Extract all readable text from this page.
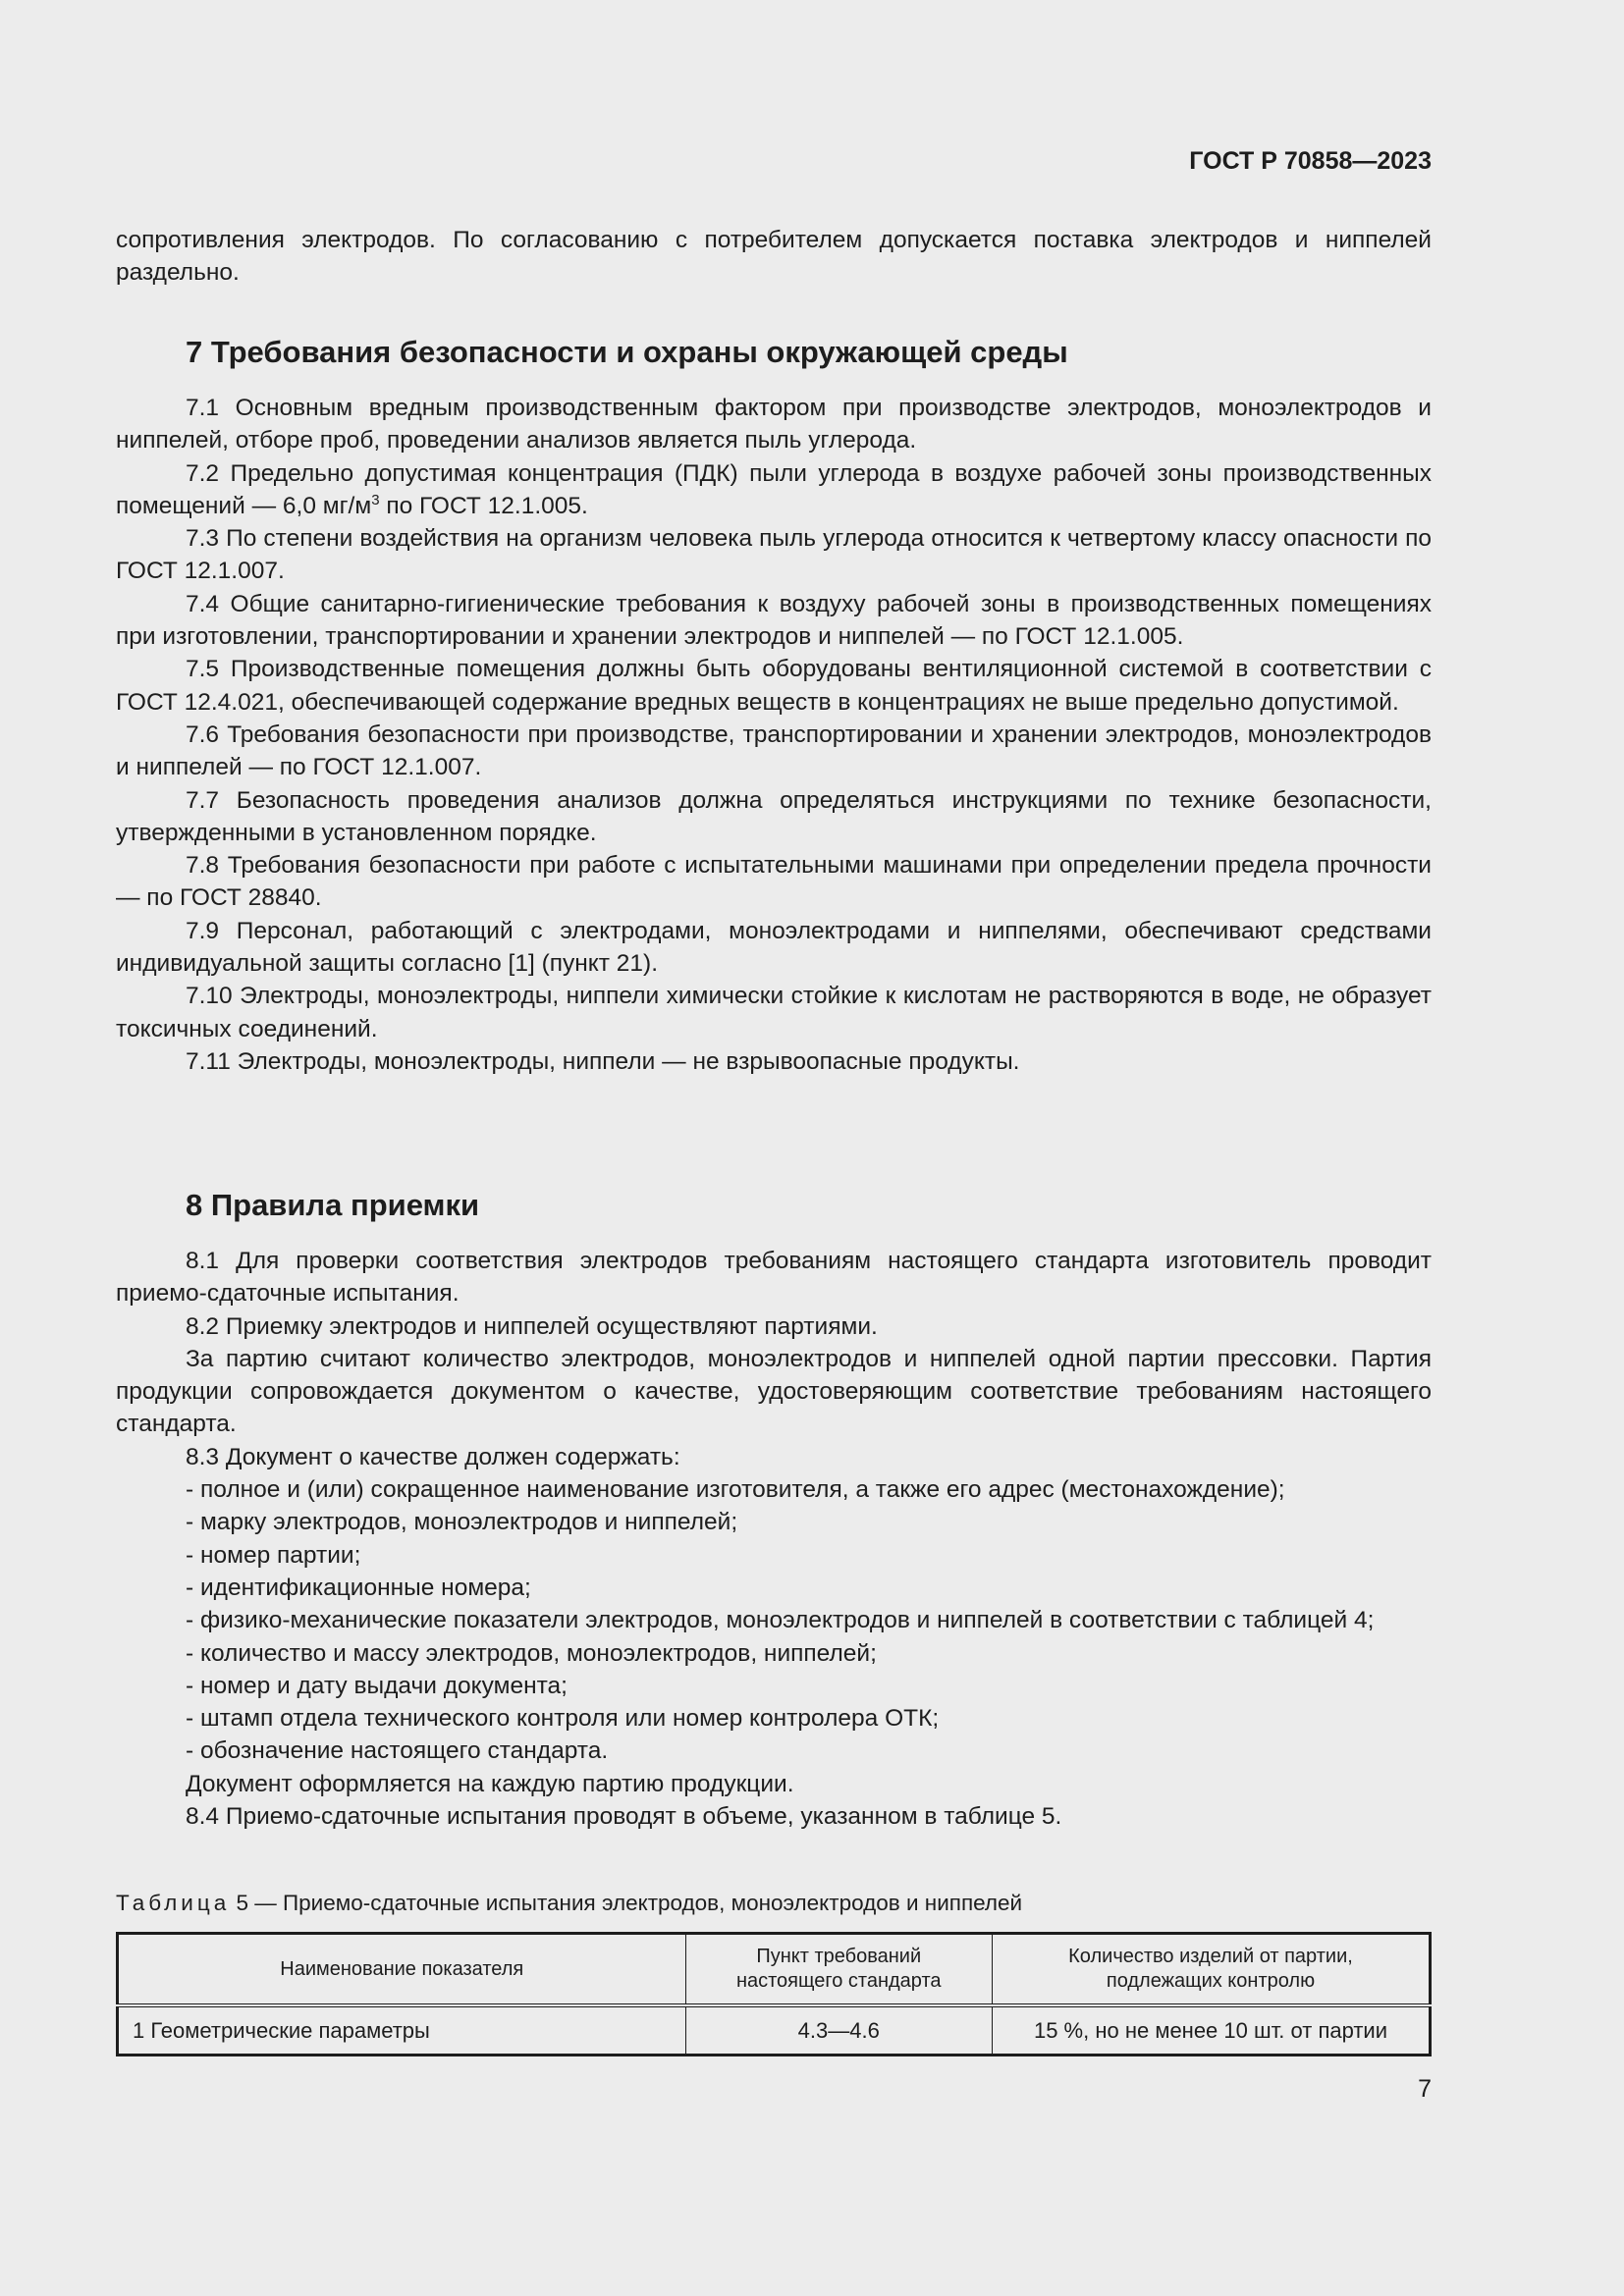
ГОСТ Р 70858—2023

сопротивления электродов. По согласованию с потребителем допускается поставка электродов и ниппелей раздельно.

7 Требования безопасности и охраны окружающей среды

7.1 Основным вредным производственным фактором при производстве электродов, моноэлектродов и ниппелей, отборе проб, проведении анализов является пыль углерода.

7.2 Предельно допустимая концентрация (ПДК) пыли углерода в воздухе рабочей зоны производственных помещений — 6,0 $мг/м^3$ по ГОСТ 12.1.005.

7.3 По степени воздействия на организм человека пыль углерода относится к четвертому классу опасности по ГОСТ 12.1.007.

7.4 Общие санитарно-гигиенические требования к воздуху рабочей зоны в производственных помещениях при изготовлении, транспортировании и хранении электродов и ниппелей — по ГОСТ 12.1.005.

7.5 Производственные помещения должны быть оборудованы вентиляционной системой в соответствии с ГОСТ 12.4.021, обеспечивающей содержание вредных веществ в концентрациях не выше предельно допустимой.

7.6 Требования безопасности при производстве, транспортировании и хранении электродов, моноэлектродов и ниппелей — по ГОСТ 12.1.007.

7.7 Безопасность проведения анализов должна определяться инструкциями по технике безопасности, утвержденными в установленном порядке.

7.8 Требования безопасности при работе с испытательными машинами при определении предела прочности — по ГОСТ 28840.

7.9 Персонал, работающий с электродами, моноэлектродами и ниппелями, обеспечивают средствами индивидуальной защиты согласно [1] (пункт 21).

7.10 Электроды, моноэлектроды, ниппели химически стойкие к кислотам не растворяются в воде, не образует токсичных соединений.

7.11 Электроды, моноэлектроды, ниппели — не взрывоопасные продукты.

8 Правила приемки

8.1 Для проверки соответствия электродов требованиям настоящего стандарта изготовитель проводит приемо-сдаточные испытания.

8.2 Приемку электродов и ниппелей осуществляют партиями.

За партию считают количество электродов, моноэлектродов и ниппелей одной партии прессовки. Партия продукции сопровождается документом о качестве, удостоверяющим соответствие требованиям настоящего стандарта.

8.3 Документ о качестве должен содержать:

- полное и (или) сокращенное наименование изготовителя, а также его адрес (местонахождение);

- марку электродов, моноэлектродов и ниппелей;

- номер партии;

- идентификационные номера;

- физико-механические показатели электродов, моноэлектродов и ниппелей в соответствии с таблицей 4;

- количество и массу электродов, моноэлектродов, ниппелей;

- номер и дату выдачи документа;

- штамп отдела технического контроля или номер контролера ОТК;

- обозначение настоящего стандарта.

Документ оформляется на каждую партию продукции.

8.4 Приемо-сдаточные испытания проводят в объеме, указанном в таблице 5.

Таблица 5 — Приемо-сдаточные испытания электродов, моноэлектродов и ниппелей

Наименование показателя	Пункт требований настоящего стандарта	Количество изделий от партии, подлежащих контролю
1 Геометрические параметры	4.3—4.6	15 %, но не менее 10 шт. от партии
7
